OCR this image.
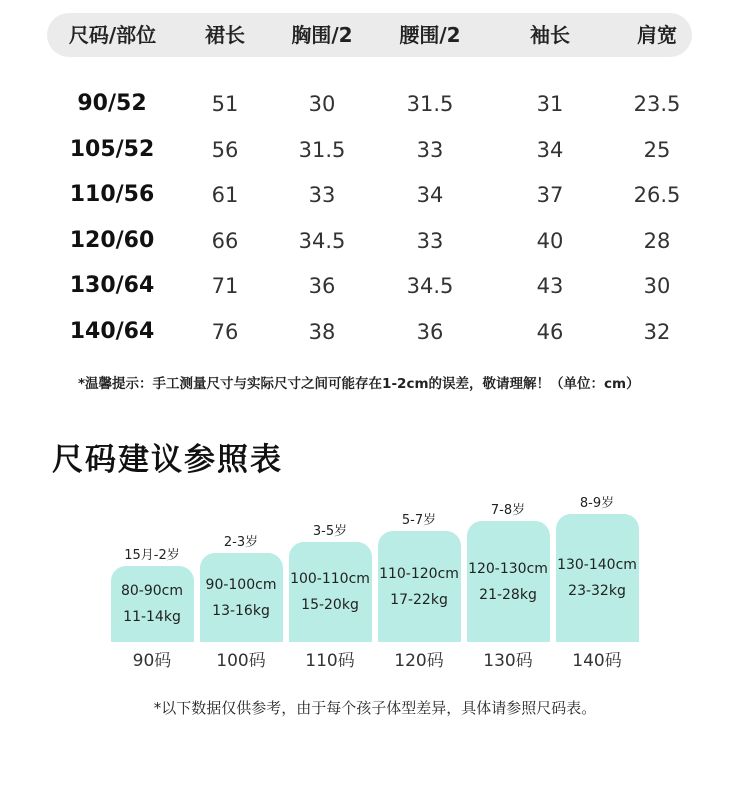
尺码/部位	裙长	胸围/2	腰围/2	袖长	肩宽
90/52	51	30	31.5	31	23.5
105/52	56	31.5	33	34	25
110/56	61	33	34	37	26.5
120/60	66	34.5	33	40	28
130/64	71	36	34.5	43	30
140/64	76	38	36	46	32
*温馨提示：手工测量尺寸与实际尺寸之间可能存在1-2cm的误差，敬请理解！（单位：cm）
尺码建议参照表
80-90cm
11-14kg
15月-2岁
90码
90-100cm
13-16kg
2-3岁
100码
100-110cm
15-20kg
3-5岁
110码
110-120cm
17-22kg
5-7岁
120码
120-130cm
21-28kg
7-8岁
130码
130-140cm
23-32kg
8-9岁
140码
*以下数据仅供参考，由于每个孩子体型差异，具体请参照尺码表。
